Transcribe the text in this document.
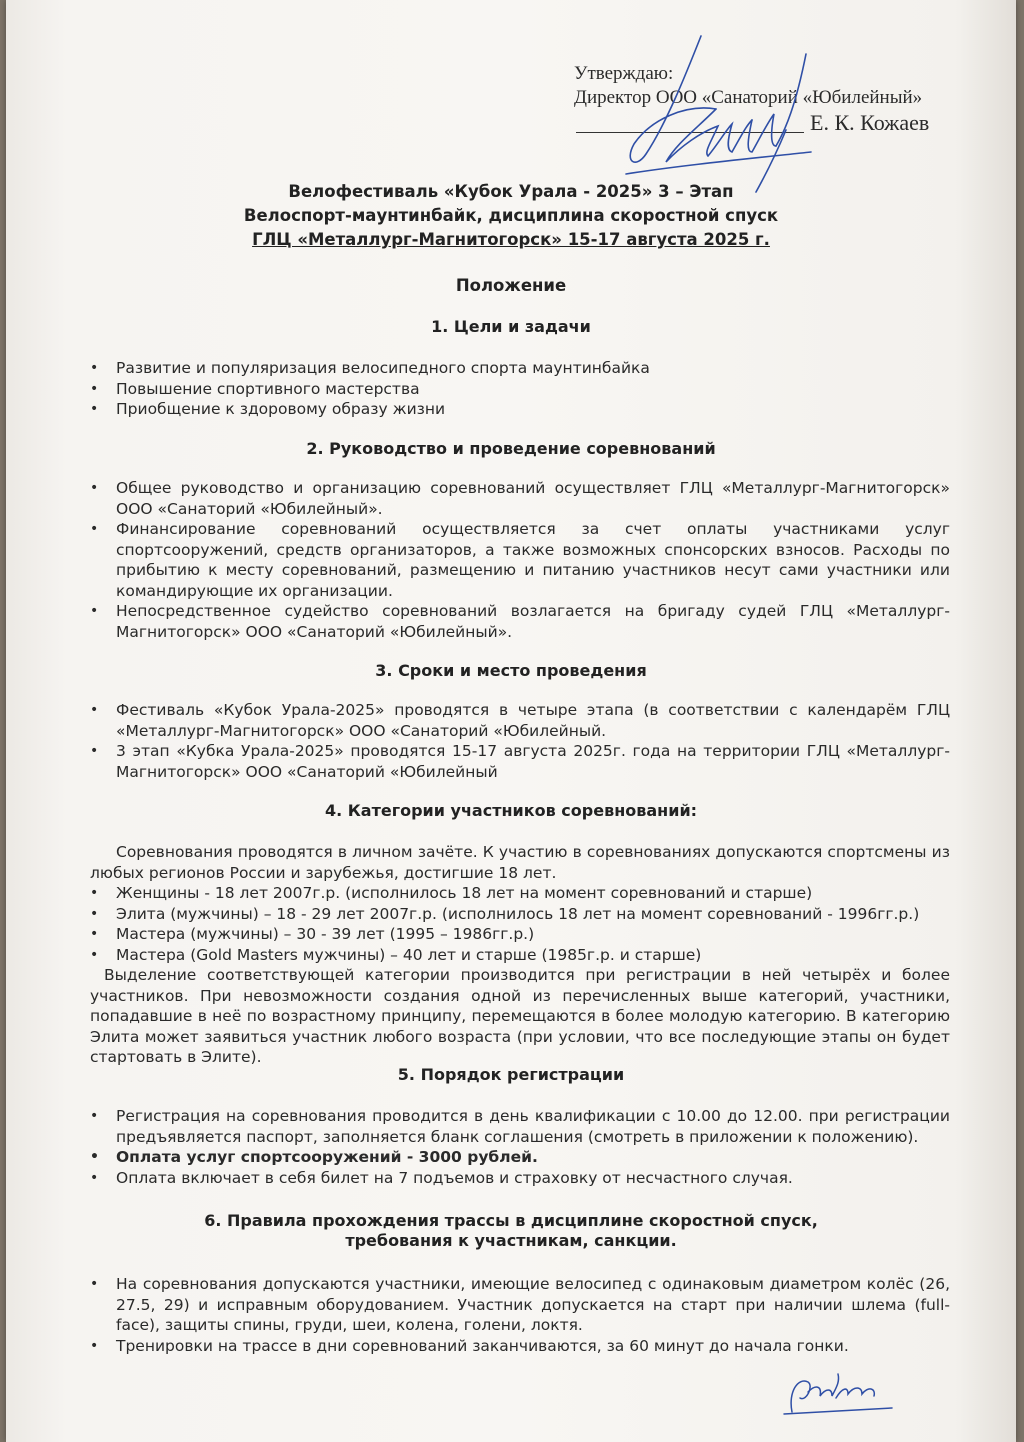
Утверждаю:
Директор ООО «Санаторий «Юбилейный»
Е. К. Кожаев
Велофестиваль «Кубок Урала - 2025» 3 – Этап
Велоспорт-маунтинбайк, дисциплина скоростной спуск
ГЛЦ «Металлург-Магнитогорск» 15-17 августа 2025 г.
Положение
1. Цели и задачи
• Развитие и популяризация велосипедного спорта маунтинбайка
• Повышение спортивного мастерства
• Приобщение к здоровому образу жизни
2. Руководство и проведение соревнований
• Общее руководство и организацию соревнований осуществляет ГЛЦ «Металлург-Магнитогорск» ООО «Санаторий «Юбилейный».
• Финансирование соревнований осуществляется за счет оплаты участниками услуг спортсооружений, средств организаторов, а также возможных спонсорских взносов. Расходы по прибытию к месту соревнований, размещению и питанию участников несут сами участники или командирующие их организации.
• Непосредственное судейство соревнований возлагается на бригаду судей ГЛЦ «Металлург-Магнитогорск» ООО «Санаторий «Юбилейный».
3. Сроки и место проведения
• Фестиваль «Кубок Урала-2025» проводятся в четыре этапа (в соответствии с календарём ГЛЦ «Металлург-Магнитогорск» ООО «Санаторий «Юбилейный.
• 3 этап «Кубка Урала-2025» проводятся 15-17 августа 2025г. года на территории ГЛЦ «Металлург-Магнитогорск» ООО «Санаторий «Юбилейный
4. Категории участников соревнований:
Соревнования проводятся в личном зачёте. К участию в соревнованиях допускаются спортсмены из любых регионов России и зарубежья, достигшие 18 лет.
• Женщины - 18 лет 2007г.р. (исполнилось 18 лет на момент соревнований и старше)
• Элита (мужчины) – 18 - 29 лет 2007г.р. (исполнилось 18 лет на момент соревнований - 1996гг.р.)
• Мастера (мужчины) – 30 - 39 лет (1995 – 1986гг.р.)
• Мастера (Gold Masters мужчины) – 40 лет и старше (1985г.р. и старше)
Выделение соответствующей категории производится при регистрации в ней четырёх и более участников. При невозможности создания одной из перечисленных выше категорий, участники, попадавшие в неё по возрастному принципу, перемещаются в более молодую категорию. В категорию Элита может заявиться участник любого возраста (при условии, что все последующие этапы он будет стартовать в Элите).
5. Порядок регистрации
• Регистрация на соревнования проводится в день квалификации с 10.00 до 12.00. при регистрации предъявляется паспорт, заполняется бланк соглашения (смотреть в приложении к положению).
• Оплата услуг спортсооружений - 3000 рублей.
• Оплата включает в себя билет на 7 подъемов и страховку от несчастного случая.
6. Правила прохождения трассы в дисциплине скоростной спуск,
требования к участникам, санкции.
• На соревнования допускаются участники, имеющие велосипед с одинаковым диаметром колёс (26, 27.5, 29) и исправным оборудованием. Участник допускается на старт при наличии шлема (full-face), защиты спины, груди, шеи, колена, голени, локтя.
• Тренировки на трассе в дни соревнований заканчиваются, за 60 минут до начала гонки.
